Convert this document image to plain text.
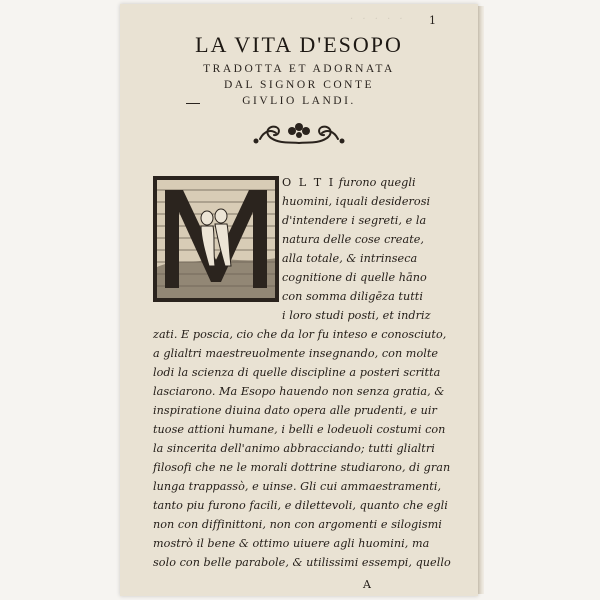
· · · · · 1
LA VITA D'ESOPO
TRADOTTA ET ADORNATA
DAL SIGNOR CONTE
GIVLIO LANDI.
O L T I furono quegli
huomini, iquali desiderosi
d'intendere i segreti, e la
natura delle cose create,
alla totale, & intrinseca
cognitione di quelle hāno
con somma diligēza tutti
i loro studi posti, et indriz
zati. E poscia, cio che da lor fu inteso e conosciuto,
a glialtri maestreuolmente insegnando, con molte
lodi la scienza di quelle discipline a posteri scritta
lasciarono. Ma Esopo hauendo non senza gratia, &
inspiratione diuina dato opera alle prudenti, e uir
tuose attioni humane, i belli e lodeuoli costumi con
la sincerita dell'animo abbracciando; tutti glialtri
filosofi che ne le morali dottrine studiarono, di gran
lunga trappassò, e uinse. Gli cui ammaestramenti,
tanto piu furono facili, e dilettevoli, quanto che egli
non con diffinittoni, non con argomenti e silogismi
mostrò il bene & ottimo uiuere agli huomini, ma
solo con belle parabole, & utilissimi essempi, quello
A
